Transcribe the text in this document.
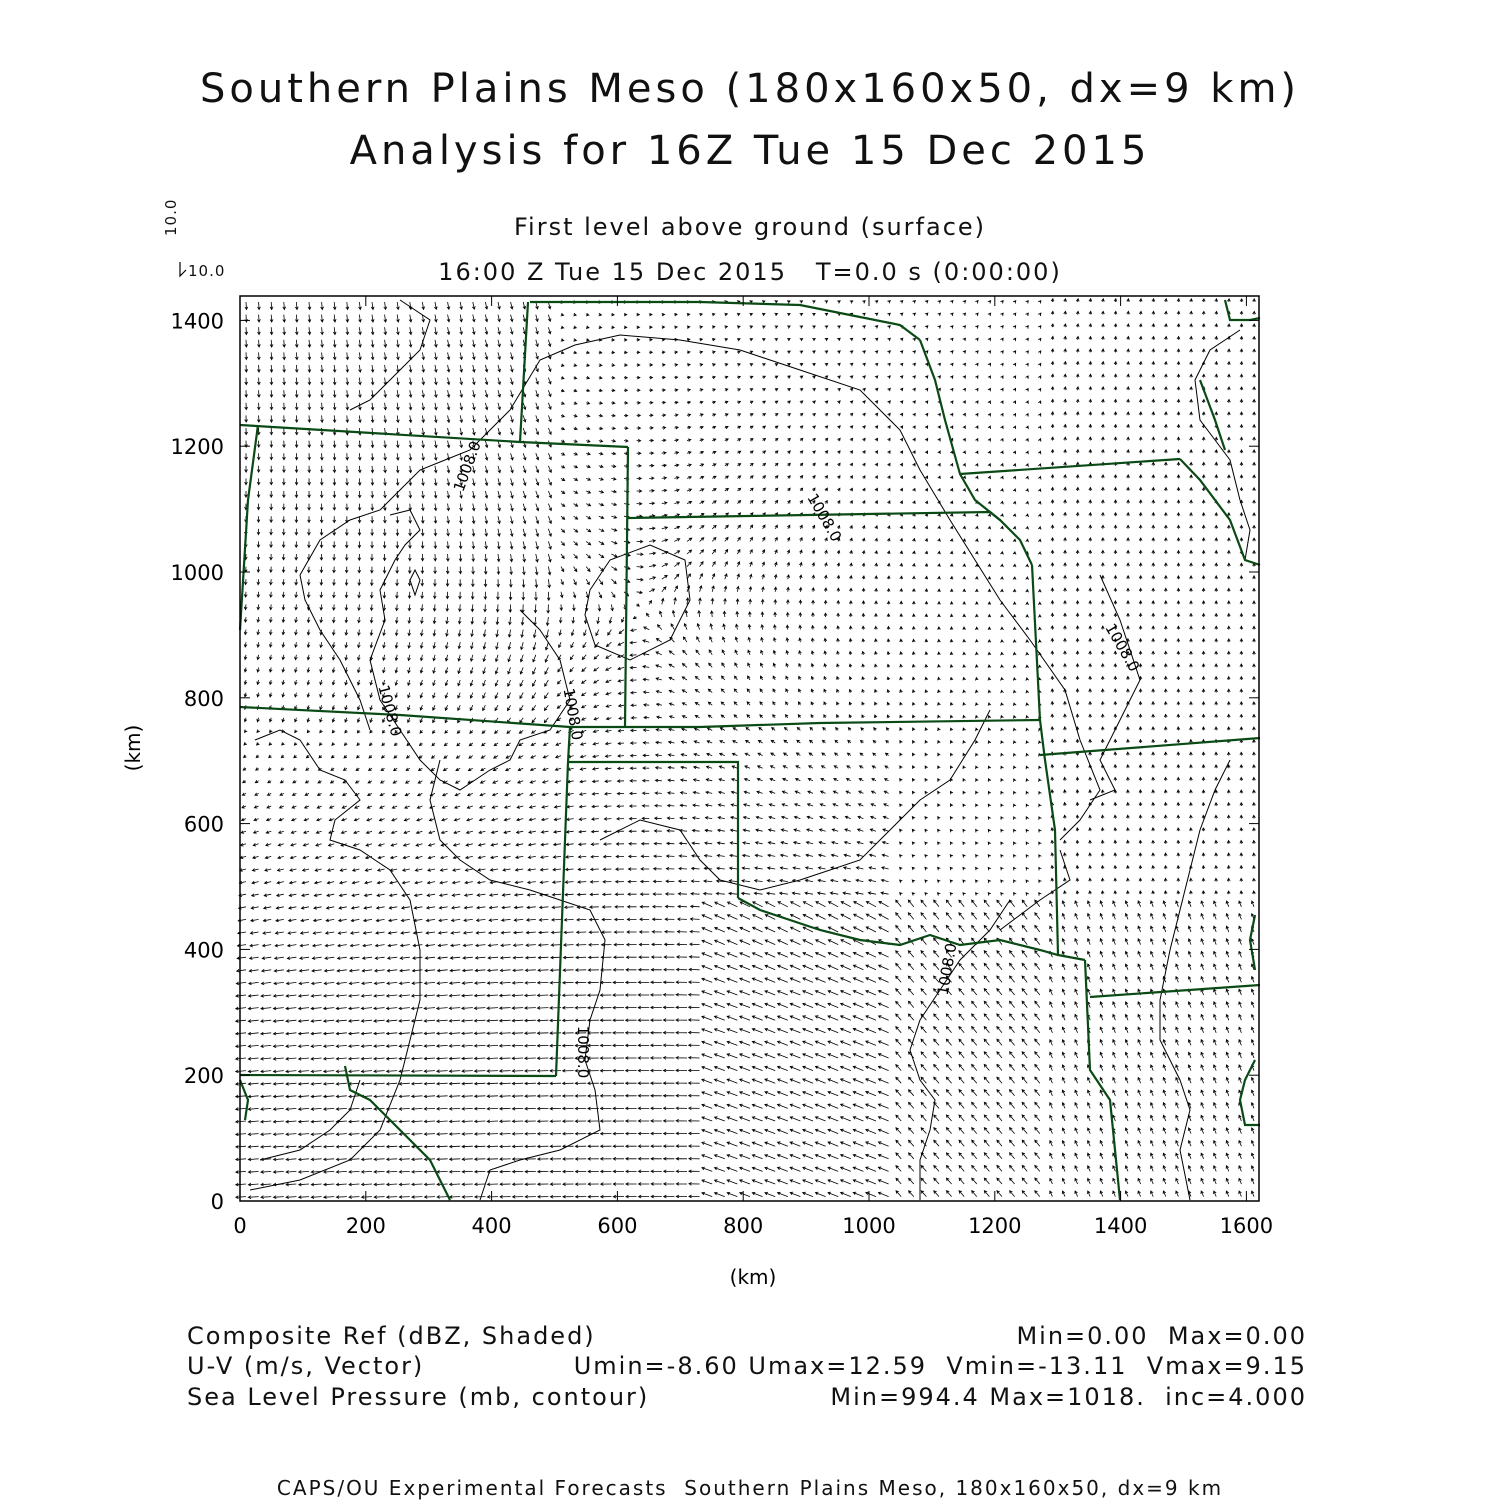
Southern Plains Meso (180x160x50, dx=9 km)
Analysis for 16Z Tue 15 Dec 2015
First level above ground (surface)
16:00 Z Tue 15 Dec 2015   T=0.0 s (0:00:00)
10.0
10.0
0	200	400	600	800	1000	1200	1400	1600
0
200
400
600
800
1000
1200
1400
1008.0
1008.0
1008.0
1008.0	1008.0
1008.0
1008.0
(km)
(km)
Composite Ref (dBZ, Shaded)	Min=0.00  Max=0.00
U-V (m/s, Vector)	Umin=-8.60 Umax=12.59  Vmin=-13.11  Vmax=9.15
Sea Level Pressure (mb, contour)	Min=994.4 Max=1018.  inc=4.000
CAPS/OU Experimental Forecasts  Southern Plains Meso, 180x160x50, dx=9 km
